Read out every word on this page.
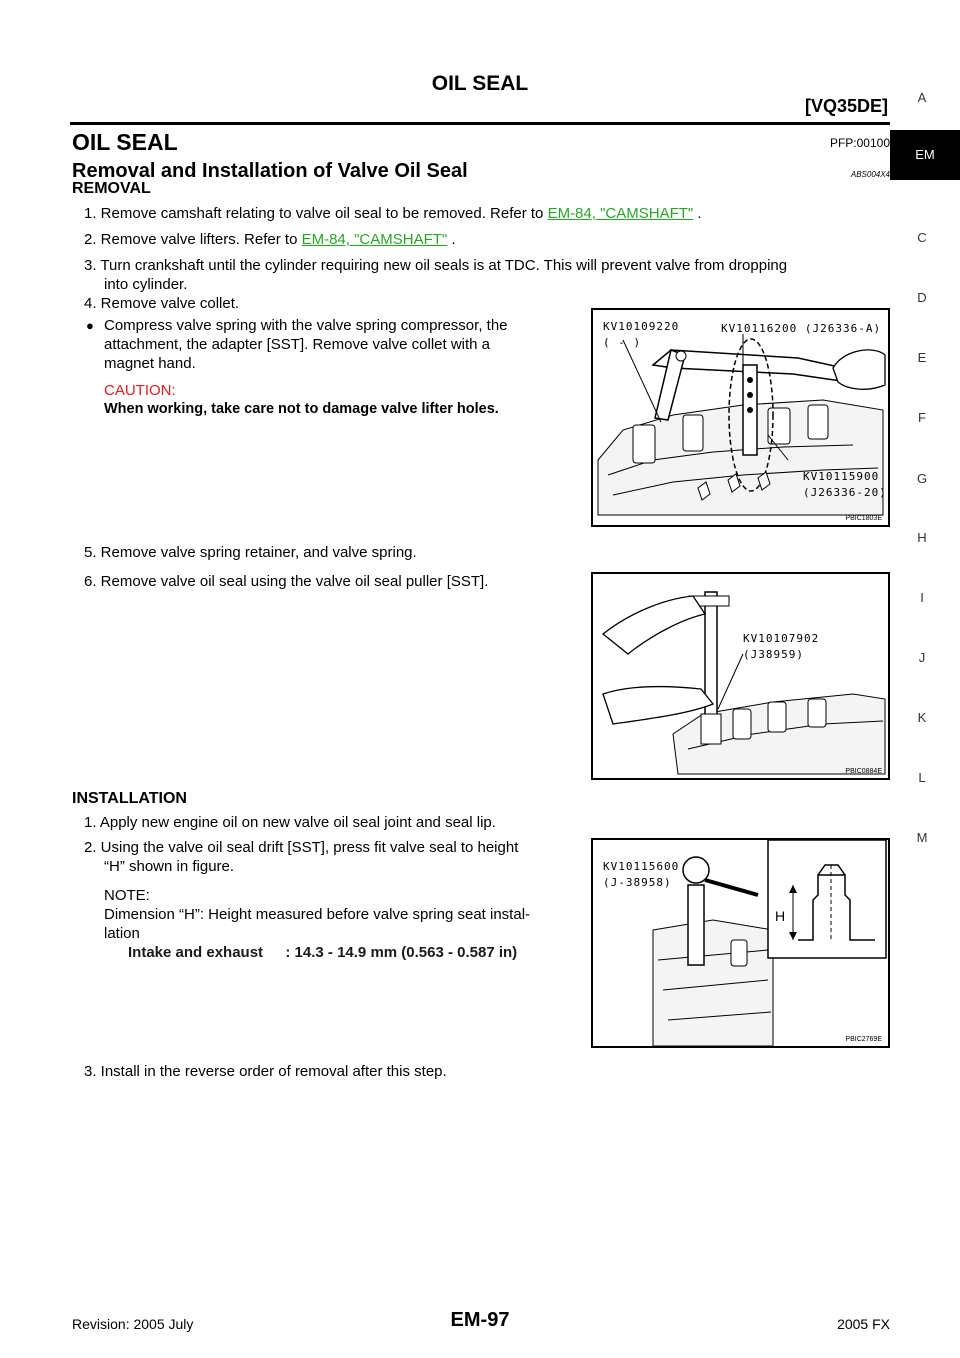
OIL SEAL
[VQ35DE]
OIL SEAL	PFP:00100
Removal and Installation of Valve Oil Seal	ABS004X4
REMOVAL
1. Remove camshaft relating to valve oil seal to be removed. Refer to EM-84, "CAMSHAFT" .
2. Remove valve lifters. Refer to EM-84, "CAMSHAFT" .
3. Turn crankshaft until the cylinder requiring new oil seals is at TDC. This will prevent valve from dropping
into cylinder.
4. Remove valve collet.
● Compress valve spring with the valve spring compressor, the
attachment, the adapter [SST]. Remove valve collet with a
magnet hand.
CAUTION:
When working, take care not to damage valve lifter holes.
KV10109220
( - )
KV10116200 (J26336-A)
KV10115900
(J26336-20)
PBIC1803E
5. Remove valve spring retainer, and valve spring.
6. Remove valve oil seal using the valve oil seal puller [SST].
KV10107902
(J38959)
PBIC0884E
INSTALLATION
1. Apply new engine oil on new valve oil seal joint and seal lip.
2. Using the valve oil seal drift [SST], press fit valve seal to height
“H” shown in figure.
NOTE:
Dimension “H”: Height measured before valve spring seat instal-
lation
Intake and exhaust : 14.3 - 14.9 mm (0.563 - 0.587 in)
KV10115600
(J-38958)
H
PBIC2769E
3. Install in the reverse order of removal after this step.
A
EM
C
D
E
F
G
H
I
J
K
L
M
Revision: 2005 July	EM-97	2005 FX
